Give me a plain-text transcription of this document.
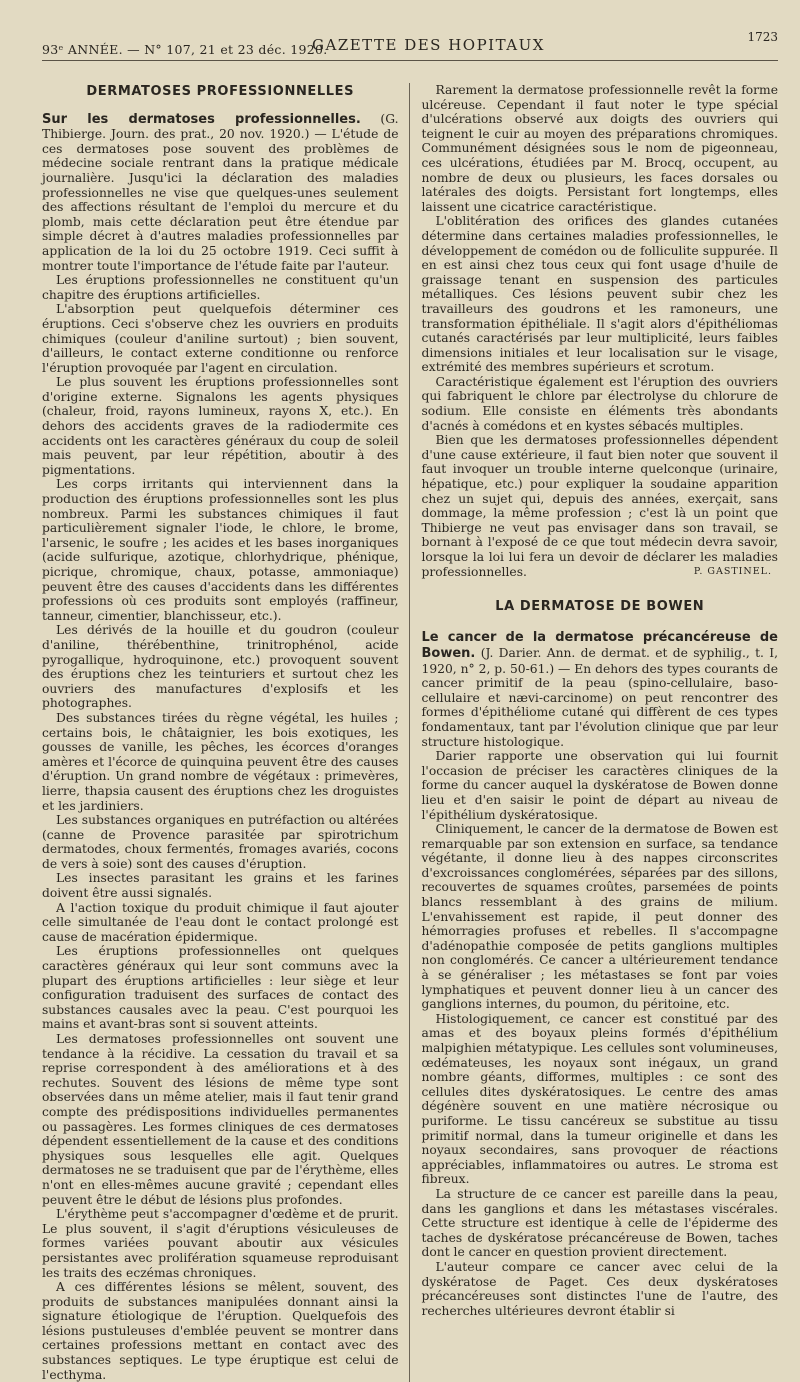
93ᵉ ANNÉE. — N° 107, 21 et 23 déc. 1920.
GAZETTE DES HOPITAUX	1723
DERMATOSES PROFESSIONNELLES

Sur les dermatoses professionnelles. (G. Thibierge. Journ. des prat., 20 nov. 1920.) — L'étude de ces dermatoses pose souvent des problèmes de médecine sociale rentrant dans la pratique médicale journalière. Jusqu'ici la déclaration des maladies professionnelles ne vise que quelques-unes seulement des affections résultant de l'emploi du mercure et du plomb, mais cette déclaration peut être étendue par simple décret à d'autres maladies professionnelles par application de la loi du 25 octobre 1919. Ceci suffit à montrer toute l'importance de l'étude faite par l'auteur.

Les éruptions professionnelles ne constituent qu'un chapitre des éruptions artificielles.

L'absorption peut quelquefois déterminer ces éruptions. Ceci s'observe chez les ouvriers en produits chimiques (couleur d'aniline surtout) ; bien souvent, d'ailleurs, le contact externe conditionne ou renforce l'éruption provoquée par l'agent en circulation.

Le plus souvent les éruptions professionnelles sont d'origine externe. Signalons les agents physiques (chaleur, froid, rayons lumineux, rayons X, etc.). En dehors des accidents graves de la radiodermite ces accidents ont les caractères généraux du coup de soleil mais peuvent, par leur répétition, aboutir à des pigmentations.

Les corps irritants qui interviennent dans la production des éruptions professionnelles sont les plus nombreux. Parmi les substances chimiques il faut particulièrement signaler l'iode, le chlore, le brome, l'arsenic, le soufre ; les acides et les bases inorganiques (acide sulfurique, azotique, chlorhydrique, phénique, picrique, chromique, chaux, potasse, ammoniaque) peuvent être des causes d'accidents dans les différentes professions où ces produits sont employés (raffineur, tanneur, cimentier, blanchisseur, etc.).

Les dérivés de la houille et du goudron (couleur d'aniline, thérébenthine, trinitrophénol, acide pyrogallique, hydroquinone, etc.) provoquent souvent des éruptions chez les teinturiers et surtout chez les ouvriers des manufactures d'explosifs et les photographes.

Des substances tirées du règne végétal, les huiles ; certains bois, le châtaignier, les bois exotiques, les gousses de vanille, les pêches, les écorces d'oranges amères et l'écorce de quinquina peuvent être des causes d'éruption. Un grand nombre de végétaux : primevères, lierre, thapsia causent des éruptions chez les droguistes et les jardiniers.

Les substances organiques en putréfaction ou altérées (canne de Provence parasitée par spirotrichum dermatodes, choux fermentés, fromages avariés, cocons de vers à soie) sont des causes d'éruption.

Les insectes parasitant les grains et les farines doivent être aussi signalés.

A l'action toxique du produit chimique il faut ajouter celle simultanée de l'eau dont le contact prolongé est cause de macération épidermique.

Les éruptions professionnelles ont quelques caractères généraux qui leur sont communs avec la plupart des éruptions artificielles : leur siège et leur configuration traduisent des surfaces de contact des substances causales avec la peau. C'est pourquoi les mains et avant-bras sont si souvent atteints.

Les dermatoses professionnelles ont souvent une tendance à la récidive. La cessation du travail et sa reprise correspondent à des améliorations et à des rechutes. Souvent des lésions de même type sont observées dans un même atelier, mais il faut tenir grand compte des prédispositions individuelles permanentes ou passagères. Les formes cliniques de ces dermatoses dépendent essentiellement de la cause et des conditions physiques sous lesquelles elle agit. Quelques dermatoses ne se traduisent que par de l'érythème, elles n'ont en elles-mêmes aucune gravité ; cependant elles peuvent être le début de lésions plus profondes.

L'érythème peut s'accompagner d'œdème et de prurit. Le plus souvent, il s'agit d'éruptions vésiculeuses de formes variées pouvant aboutir aux vésicules persistantes avec prolifération squameuse reproduisant les traits des eczémas chroniques.

A ces différentes lésions se mêlent, souvent, des produits de substances manipulées donnant ainsi la signature étiologique de l'éruption. Quelquefois des lésions pustuleuses d'emblée peuvent se montrer dans certaines professions mettant en contact avec des substances septiques. Le type éruptique est celui de l'ecthyma.

Rarement la dermatose professionnelle revêt la forme ulcéreuse. Cependant il faut noter le type spécial d'ulcérations observé aux doigts des ouvriers qui teignent le cuir au moyen des préparations chromiques. Communément désignées sous le nom de pigeonneau, ces ulcérations, étudiées par M. Brocq, occupent, au nombre de deux ou plusieurs, les faces dorsales ou latérales des doigts. Persistant fort longtemps, elles laissent une cicatrice caractéristique.

L'oblitération des orifices des glandes cutanées détermine dans certaines maladies professionnelles, le développement de comédon ou de folliculite suppurée. Il en est ainsi chez tous ceux qui font usage d'huile de graissage tenant en suspension des particules métalliques. Ces lésions peuvent subir chez les travailleurs des goudrons et les ramoneurs, une transformation épithéliale. Il s'agit alors d'épithéliomas cutanés caractérisés par leur multiplicité, leurs faibles dimensions initiales et leur localisation sur le visage, extrémité des membres supérieurs et scrotum.

Caractéristique également est l'éruption des ouvriers qui fabriquent le chlore par électrolyse du chlorure de sodium. Elle consiste en éléments très abondants d'acnés à comédons et en kystes sébacés multiples.

Bien que les dermatoses professionnelles dépendent d'une cause extérieure, il faut bien noter que souvent il faut invoquer un trouble interne quelconque (urinaire, hépatique, etc.) pour expliquer la soudaine apparition chez un sujet qui, depuis des années, exerçait, sans dommage, la même profession ; c'est là un point que Thibierge ne veut pas envisager dans son travail, se bornant à l'exposé de ce que tout médecin devra savoir, lorsque la loi lui fera un devoir de déclarer les maladies professionnelles.	P. GASTINEL.
LA DERMATOSE DE BOWEN

Le cancer de la dermatose précancéreuse de Bowen. (J. Darier. Ann. de dermat. et de syphilig., t. I, 1920, n° 2, p. 50-61.) — En dehors des types courants de cancer primitif de la peau (spino-cellulaire, baso-cellulaire et nævi-carcinome) on peut rencontrer des formes d'épithéliome cutané qui diffèrent de ces types fondamentaux, tant par l'évolution clinique que par leur structure histologique.

Darier rapporte une observation qui lui fournit l'occasion de préciser les caractères cliniques de la forme du cancer auquel la dyskératose de Bowen donne lieu et d'en saisir le point de départ au niveau de l'épithélium dyskératosique.

Cliniquement, le cancer de la dermatose de Bowen est remarquable par son extension en surface, sa tendance végétante, il donne lieu à des nappes circonscrites d'excroissances conglomérées, séparées par des sillons, recouvertes de squames croûtes, parsemées de points blancs ressemblant à des grains de milium. L'envahissement est rapide, il peut donner des hémorragies profuses et rebelles. Il s'accompagne d'adénopathie composée de petits ganglions multiples non conglomérés. Ce cancer a ultérieurement tendance à se généraliser ; les métastases se font par voies lymphatiques et peuvent donner lieu à un cancer des ganglions internes, du poumon, du péritoine, etc.

Histologiquement, ce cancer est constitué par des amas et des boyaux pleins formés d'épithélium malpighien métatypique. Les cellules sont volumineuses, œdémateuses, les noyaux sont inégaux, un grand nombre géants, difformes, multiples : ce sont des cellules dites dyskératosiques. Le centre des amas dégénère souvent en une matière nécrosique ou puriforme. Le tissu cancéreux se substitue au tissu primitif normal, dans la tumeur originelle et dans les noyaux secondaires, sans provoquer de réactions appréciables, inflammatoires ou autres. Le stroma est fibreux.

La structure de ce cancer est pareille dans la peau, dans les ganglions et dans les métastases viscérales. Cette structure est identique à celle de l'épiderme des taches de dyskératose précancéreuse de Bowen, taches dont le cancer en question provient directement.

L'auteur compare ce cancer avec celui de la dyskératose de Paget. Ces deux dyskératoses précancéreuses sont distinctes l'une de l'autre, des recherches ultérieures devront établir si
